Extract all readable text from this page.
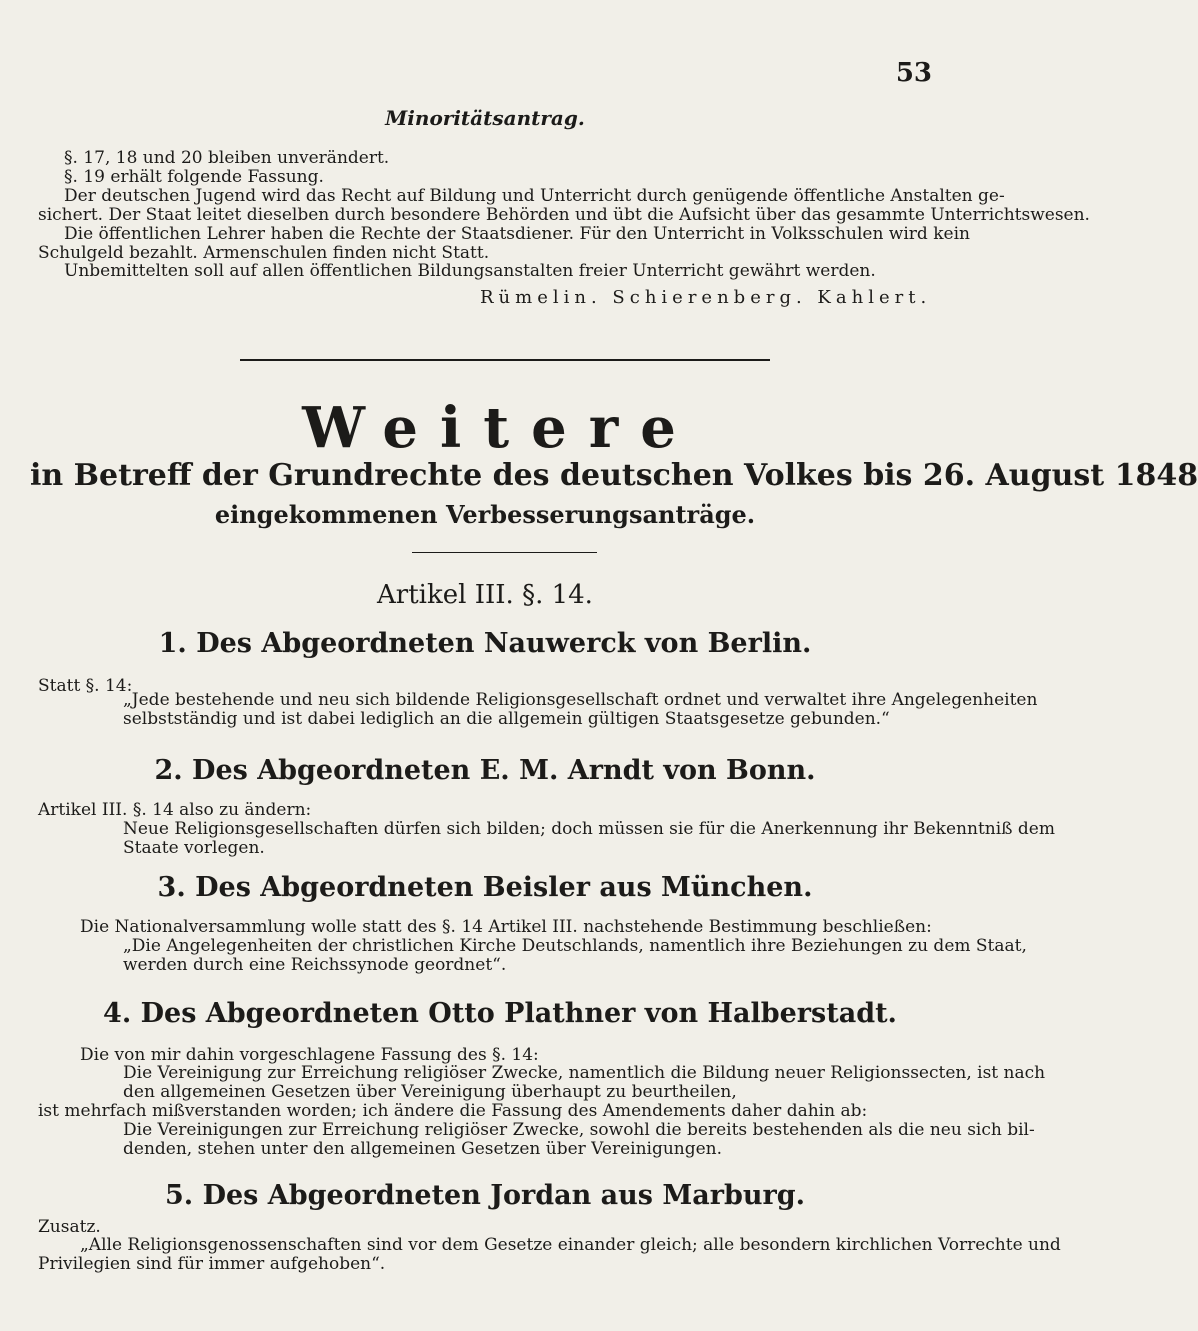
53
Minoritätsantrag.
§. 17, 18 und 20 bleiben unverändert.
§. 19 erhält folgende Fassung.
Der deutschen Jugend wird das Recht auf Bildung und Unterricht durch genügende öffentliche Anstalten ge-
sichert. Der Staat leitet dieselben durch besondere Behörden und übt die Aufsicht über das gesammte Unterrichtswesen.
Die öffentlichen Lehrer haben die Rechte der Staatsdiener. Für den Unterricht in Volksschulen wird kein
Schulgeld bezahlt. Armenschulen finden nicht Statt.
Unbemittelten soll auf allen öffentlichen Bildungsanstalten freier Unterricht gewährt werden.
Rümelin. Schierenberg. Kahlert.
Weitere
in Betreff der Grundrechte des deutschen Volkes bis 26. August 1848
eingekommenen Verbesserungsanträge.
Artikel III. §. 14.
1. Des Abgeordneten Nauwerck von Berlin.
Statt §. 14:
„Jede bestehende und neu sich bildende Religionsgesellschaft ordnet und verwaltet ihre Angelegenheiten
selbstständig und ist dabei lediglich an die allgemein gültigen Staatsgesetze gebunden.“
2. Des Abgeordneten E. M. Arndt von Bonn.
Artikel III. §. 14 also zu ändern:
Neue Religionsgesellschaften dürfen sich bilden; doch müssen sie für die Anerkennung ihr Bekenntniß dem
Staate vorlegen.
3. Des Abgeordneten Beisler aus München.
Die Nationalversammlung wolle statt des §. 14 Artikel III. nachstehende Bestimmung beschließen:
„Die Angelegenheiten der christlichen Kirche Deutschlands, namentlich ihre Beziehungen zu dem Staat,
werden durch eine Reichssynode geordnet“.
4. Des Abgeordneten Otto Plathner von Halberstadt.
Die von mir dahin vorgeschlagene Fassung des §. 14:
Die Vereinigung zur Erreichung religiöser Zwecke, namentlich die Bildung neuer Religionssecten, ist nach
den allgemeinen Gesetzen über Vereinigung überhaupt zu beurtheilen,
ist mehrfach mißverstanden worden; ich ändere die Fassung des Amendements daher dahin ab:
Die Vereinigungen zur Erreichung religiöser Zwecke, sowohl die bereits bestehenden als die neu sich bil-
denden, stehen unter den allgemeinen Gesetzen über Vereinigungen.
5. Des Abgeordneten Jordan aus Marburg.
Zusatz.
„Alle Religionsgenossenschaften sind vor dem Gesetze einander gleich; alle besondern kirchlichen Vorrechte und
Privilegien sind für immer aufgehoben“.
